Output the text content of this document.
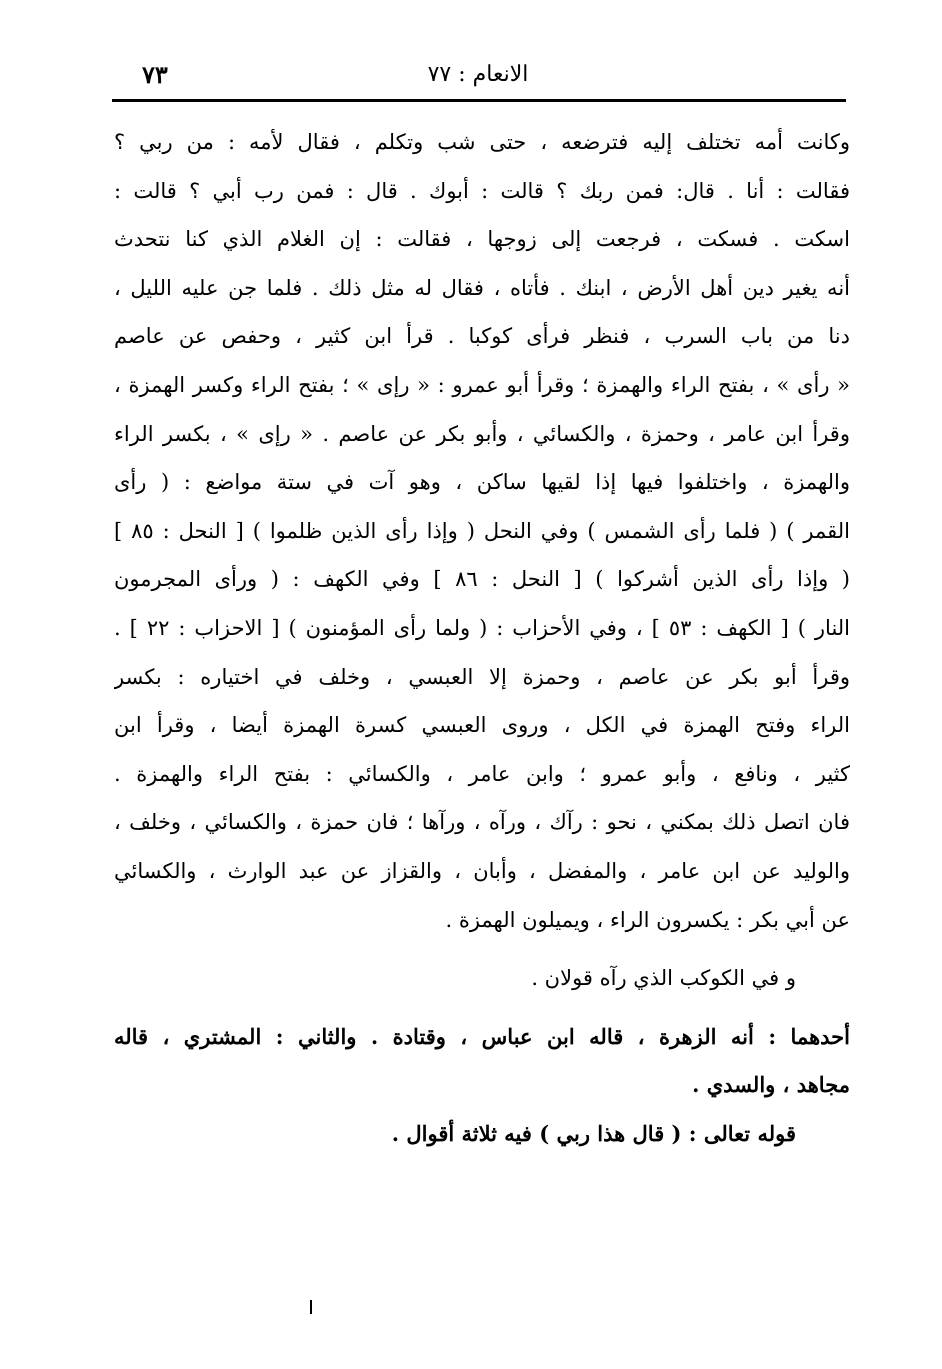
الانعام : ٧٧
٧٣
وكانت أمه تختلف إليه فترضعه ، حتى شب وتكلم ، فقال لأمه : من ربي ؟
فقالت : أنا . قال: فمن ربك ؟ قالت : أبوك . قال : فمن رب أبي ؟ قالت :
اسكت . فسكت ، فرجعت إلى زوجها ، فقالت : إن الغلام الذي كنا نتحدث
أنه يغير دين أهل الأرض ، ابنك . فأتاه ، فقال له مثل ذلك . فلما جن عليه الليل ،
دنا من باب السرب ، فنظر فرأى كوكبا . قرأ ابن كثير ، وحفص عن عاصم
« رأى » ، بفتح الراء والهمزة ؛ وقرأ أبو عمرو : « رإى » ؛ بفتح الراء وكسر الهمزة ،
وقرأ ابن عامر ، وحمزة ، والكسائي ، وأبو بكر عن عاصم . « رإى » ، بكسر الراء
والهمزة ، واختلفوا فيها إذا لقيها ساكن ، وهو آت في ستة مواضع : ( رأى
القمر ) ( فلما رأى الشمس ) وفي النحل ( وإذا رأى الذين ظلموا ) [ النحل : ٨٥ ]
( وإذا رأى الذين أشركوا ) [ النحل : ٨٦ ] وفي الكهف : ( ورأى المجرمون
النار ) [ الكهف : ٥٣ ] ، وفي الأحزاب : ( ولما رأى المؤمنون ) [ الاحزاب : ٢٢ ] .
وقرأ أبو بكر عن عاصم ، وحمزة إلا العبسي ، وخلف في اختياره : بكسر
الراء وفتح الهمزة في الكل ، وروى العبسي كسرة الهمزة أيضا ، وقرأ ابن
كثير ، ونافع ، وأبو عمرو ؛ وابن عامر ، والكسائي : بفتح الراء والهمزة .
فان اتصل ذلك بمكني ، نحو : رآك ، ورآه ، ورآها ؛ فان حمزة ، والكسائي ، وخلف ،
والوليد عن ابن عامر ، والمفضل ، وأبان ، والقزاز عن عبد الوارث ، والكسائي
عن أبي بكر : يكسرون الراء ، ويميلون الهمزة .
و في الكوكب الذي رآه قولان .
أحدهما : أنه الزهرة ، قاله ابن عباس ، وقتادة . والثاني : المشتري ، قاله
مجاهد ، والسدي .
قوله تعالى : ( قال هذا ربي ) فيه ثلاثة أقوال .
